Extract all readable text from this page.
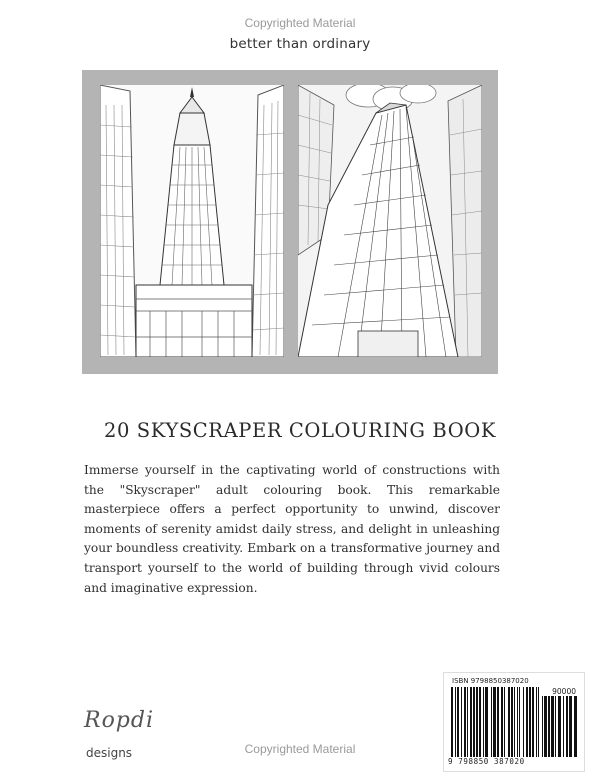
Copyrighted Material
better than ordinary
20 SKYSCRAPER COLOURING BOOK
Immerse yourself in the captivating world of constructions with the "Skyscraper" adult colouring book. This remarkable masterpiece offers a perfect opportunity to unwind, discover moments of serenity amidst daily stress, and delight in unleashing your boundless creativity. Embark on a transformative journey and transport yourself to the world of building through vivid colours and imaginative expression.
Ropdi
designs	Copyrighted Material
ISBN 9798850387020
90000
9 798850 387020
